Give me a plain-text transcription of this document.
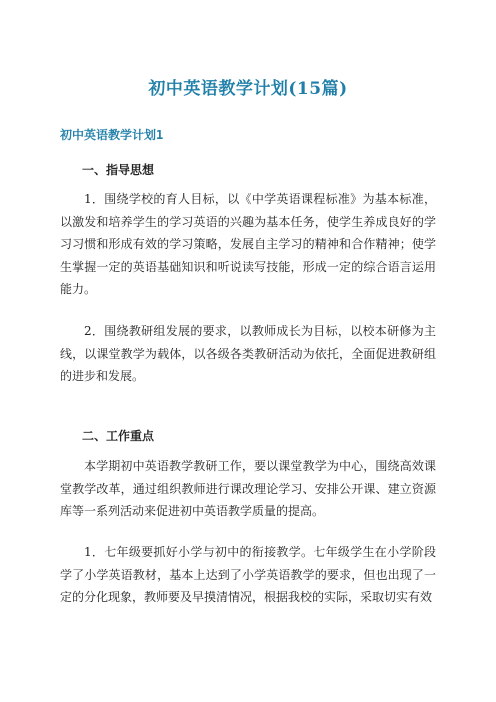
初中英语教学计划(15篇)
初中英语教学计划1
一、指导思想
1．围绕学校的育人目标，以《中学英语课程标准》为基本标准，以激发和培养学生的学习英语的兴趣为基本任务，使学生养成良好的学习习惯和形成有效的学习策略，发展自主学习的精神和合作精神；使学生掌握一定的英语基础知识和听说读写技能，形成一定的综合语言运用能力。
2．围绕教研组发展的要求，以教师成长为目标，以校本研修为主线，以课堂教学为载体，以各级各类教研活动为依托，全面促进教研组的进步和发展。
二、工作重点
本学期初中英语教学教研工作，要以课堂教学为中心，围绕高效课堂教学改革，通过组织教师进行课改理论学习、安排公开课、建立资源库等一系列活动来促进初中英语教学质量的提高。
1．七年级要抓好小学与初中的衔接教学。七年级学生在小学阶段学了小学英语教材，基本上达到了小学英语教学的要求，但也出现了一定的分化现象，教师要及早摸清情况，根据我校的实际，采取切实有效
